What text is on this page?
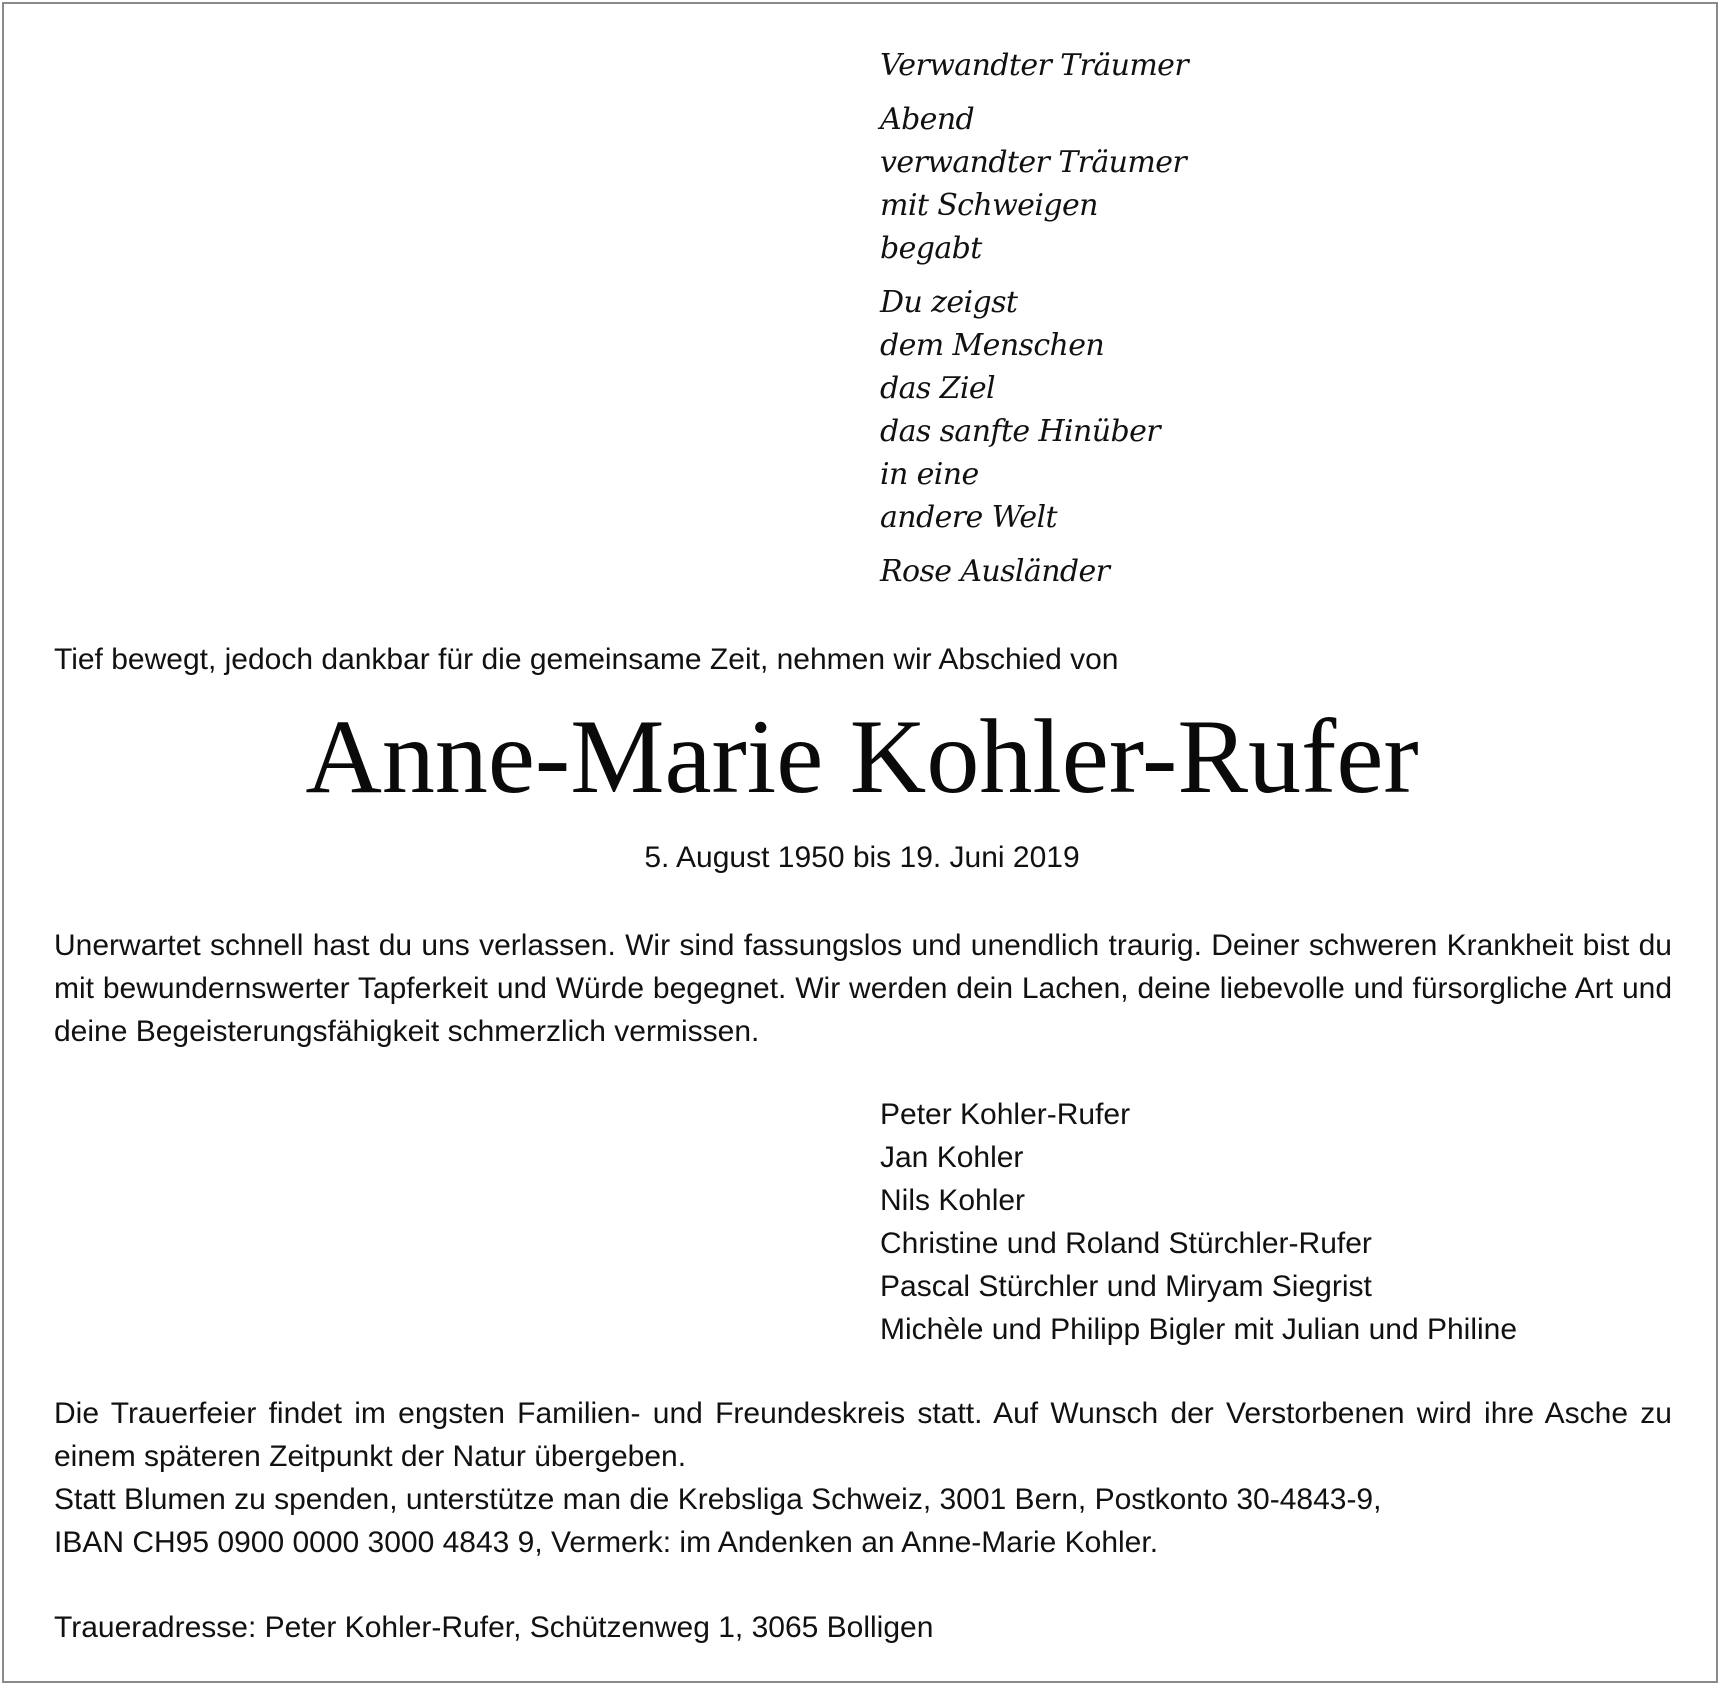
Verwandter Träumer
Abend
verwandter Träumer
mit Schweigen
begabt
Du zeigst
dem Menschen
das Ziel
das sanfte Hinüber
in eine
andere Welt
Rose Ausländer
Tief bewegt, jedoch dankbar für die gemeinsame Zeit, nehmen wir Abschied von
Anne-Marie Kohler-Rufer
5. August 1950 bis 19. Juni 2019
Unerwartet schnell hast du uns verlassen. Wir sind fassungslos und unendlich traurig. Deiner schweren Krankheit bist du mit bewundernswerter Tapferkeit und Würde begegnet. Wir werden dein Lachen, deine liebevolle und fürsorgliche Art und deine Begeisterungsfähigkeit schmerzlich vermissen.
Peter Kohler-Rufer
Jan Kohler
Nils Kohler
Christine und Roland Stürchler-Rufer
Pascal Stürchler und Miryam Siegrist
Michèle und Philipp Bigler mit Julian und Philine

Die Trauerfeier findet im engsten Familien- und Freundeskreis statt. Auf Wunsch der Verstorbenen wird ihre Asche zu einem späteren Zeitpunkt der Natur übergeben.

Statt Blumen zu spenden, unterstütze man die Krebsliga Schweiz, 3001 Bern, Postkonto 30-4843-9,

IBAN CH95 0900 0000 3000 4843 9, Vermerk: im Andenken an Anne-Marie Kohler.

Traueradresse: Peter Kohler-Rufer, Schützenweg 1, 3065 Bolligen
